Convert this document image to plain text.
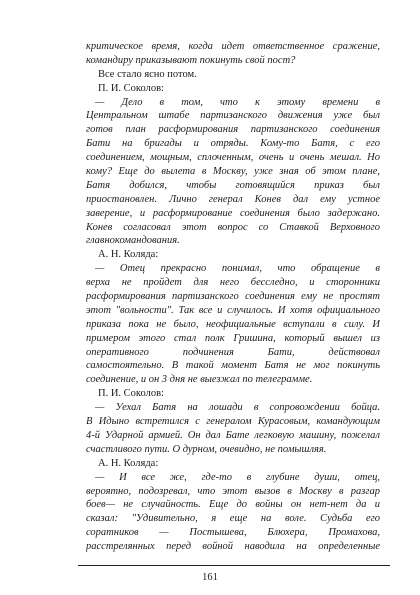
критическое время, когда идет ответственное сражение,
командиру приказывают покинуть свой пост?
Все стало ясно потом.
П. И. Соколов:
— Дело в том, что к этому времени в
Центральном штабе партизанского движения уже был
готов план расформирования партизанского соединения
Бати на бригады и отряды. Кому-то Батя, с его
соединением, мощным, сплоченным, очень и очень мешал. Но
кому? Еще до вылета в Москву, уже зная об этом плане,
Батя добился, чтобы готовящийся приказ был
приостановлен. Лично генерал Конев дал ему устное
заверение, и расформирование соединения было задержано.
Конев согласовал этот вопрос со Ставкой Верховного
главнокомандования.
А. Н. Коляда:
— Отец прекрасно понимал, что обращение в
верха не пройдет для него бесследно, и сторонники
расформирования партизанского соединения ему не простят
этот "вольности". Так все и случилось. И хотя официального
приказа пока не было, неофициальные вступали в силу. И
примером этого стал полк Гришина, который вышел из
оперативного подчинения Бати, действовал
самостоятельно. В такой момент Батя не мог покинуть
соединение, и он 3 дня не выезжал по телеграмме.
П. И. Соколов:
— Уехал Батя на лошади в сопровождении бойца.
В Идыно встретился с генералом Курасовым, командующим
4-й Ударной армией. Он дал Бате легковую машину, пожелал
счастливого пути. О дурном, очевидно, не помышляя.
А. Н. Коляда:
— И все же, где-то в глубине души, отец,
вероятно, подозревал, что этот вызов в Москву в разгар
боев— не случайность. Еще до войны он нет-нет да и
сказал: "Удивительно, я еще на воле. Судьба его
соратников — Постышева, Блюхера, Промахова,
расстрелянных перед войной наводила на определенные
161
